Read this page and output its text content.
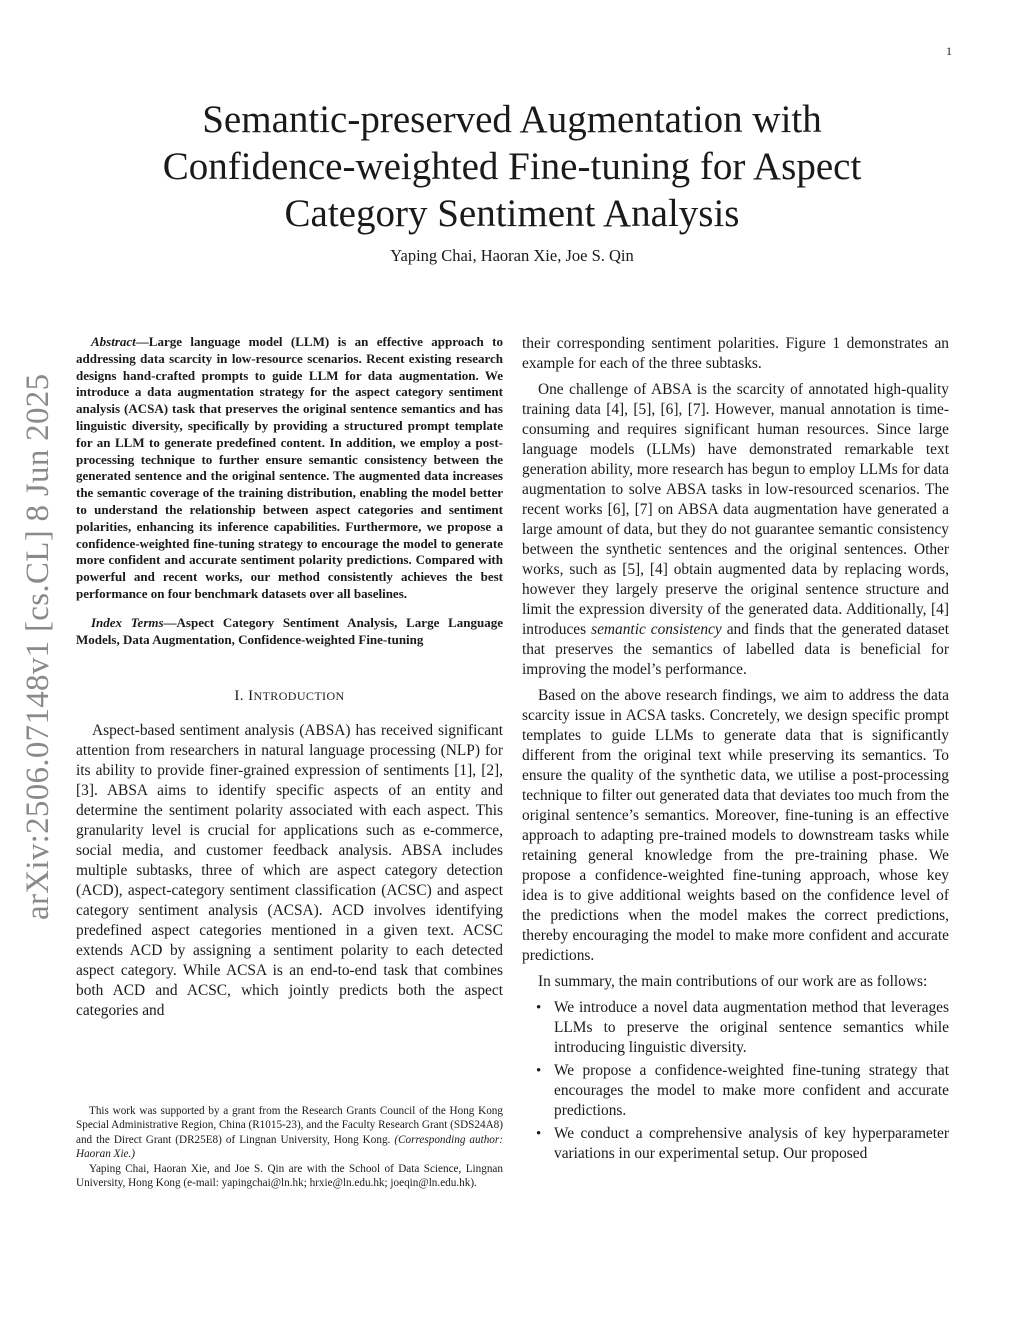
1
arXiv:2506.07148v1 [cs.CL] 8 Jun 2025
Semantic-preserved Augmentation with
Confidence-weighted Fine-tuning for Aspect
Category Sentiment Analysis
Yaping Chai, Haoran Xie, Joe S. Qin

Abstract—Large language model (LLM) is an effective approach to addressing data scarcity in low-resource scenarios. Recent existing research designs hand-crafted prompts to guide LLM for data augmentation. We introduce a data augmentation strategy for the aspect category sentiment analysis (ACSA) task that preserves the original sentence semantics and has linguistic diversity, specifically by providing a structured prompt template for an LLM to generate predefined content. In addition, we employ a post-processing technique to further ensure semantic consistency between the generated sentence and the original sentence. The augmented data increases the semantic coverage of the training distribution, enabling the model better to understand the relationship between aspect categories and sentiment polarities, enhancing its inference capabilities. Furthermore, we propose a confidence-weighted fine-tuning strategy to encourage the model to generate more confident and accurate sentiment polarity predictions. Compared with powerful and recent works, our method consistently achieves the best performance on four benchmark datasets over all baselines.

Index Terms—Aspect Category Sentiment Analysis, Large Language Models, Data Augmentation, Confidence-weighted Fine-tuning

I. INTRODUCTION

Aspect-based sentiment analysis (ABSA) has received significant attention from researchers in natural language processing (NLP) for its ability to provide finer-grained expression of sentiments [1], [2], [3]. ABSA aims to identify specific aspects of an entity and determine the sentiment polarity associated with each aspect. This granularity level is crucial for applications such as e-commerce, social media, and customer feedback analysis. ABSA includes multiple subtasks, three of which are aspect category detection (ACD), aspect-category sentiment classification (ACSC) and aspect category sentiment analysis (ACSA). ACD involves identifying predefined aspect categories mentioned in a given text. ACSC extends ACD by assigning a sentiment polarity to each detected aspect category. While ACSA is an end-to-end task that combines both ACD and ACSC, which jointly predicts both the aspect categories and

their corresponding sentiment polarities. Figure 1 demonstrates an example for each of the three subtasks.

One challenge of ABSA is the scarcity of annotated high-quality training data [4], [5], [6], [7]. However, manual annotation is time-consuming and requires significant human resources. Since large language models (LLMs) have demonstrated remarkable text generation ability, more research has begun to employ LLMs for data augmentation to solve ABSA tasks in low-resourced scenarios. The recent works [6], [7] on ABSA data augmentation have generated a large amount of data, but they do not guarantee semantic consistency between the synthetic sentences and the original sentences. Other works, such as [5], [4] obtain augmented data by replacing words, however they largely preserve the original sentence structure and limit the expression diversity of the generated data. Additionally, [4] introduces semantic consistency and finds that the generated dataset that preserves the semantics of labelled data is beneficial for improving the model’s performance.

Based on the above research findings, we aim to address the data scarcity issue in ACSA tasks. Concretely, we design specific prompt templates to guide LLMs to generate data that is significantly different from the original text while preserving its semantics. To ensure the quality of the synthetic data, we utilise a post-processing technique to filter out generated data that deviates too much from the original sentence’s semantics. Moreover, fine-tuning is an effective approach to adapting pre-trained models to downstream tasks while retaining general knowledge from the pre-training phase. We propose a confidence-weighted fine-tuning approach, whose key idea is to give additional weights based on the confidence level of the predictions when the model makes the correct predictions, thereby encouraging the model to make more confident and accurate predictions.

In summary, the main contributions of our work are as follows:

• We introduce a novel data augmentation method that leverages LLMs to preserve the original sentence semantics while introducing linguistic diversity.
• We propose a confidence-weighted fine-tuning strategy that encourages the model to make more confident and accurate predictions.
• We conduct a comprehensive analysis of key hyperparameter variations in our experimental setup. Our proposed

This work was supported by a grant from the Research Grants Council of the Hong Kong Special Administrative Region, China (R1015-23), and the Faculty Research Grant (SDS24A8) and the Direct Grant (DR25E8) of Lingnan University, Hong Kong. (Corresponding author: Haoran Xie.)

Yaping Chai, Haoran Xie, and Joe S. Qin are with the School of Data Science, Lingnan University, Hong Kong (e-mail: yapingchai@ln.hk; hrxie@ln.edu.hk; joeqin@ln.edu.hk).
